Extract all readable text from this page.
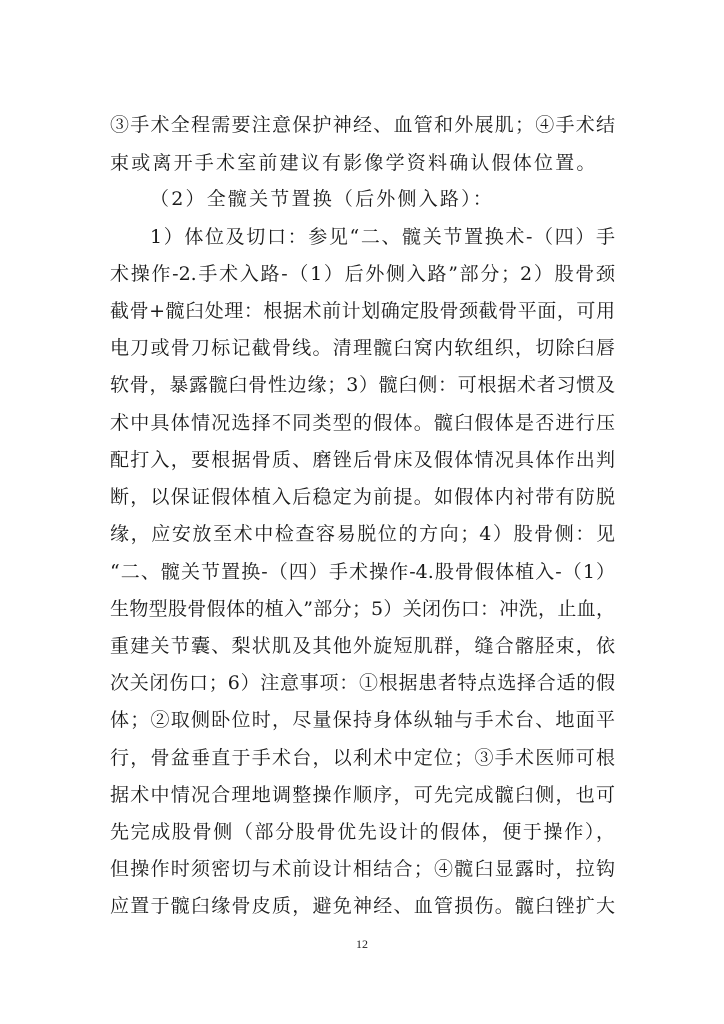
③手术全程需要注意保护神经、血管和外展肌；④手术结
束或离开手术室前建议有影像学资料确认假体位置。
（2）全髋关节置换（后外侧入路）：
1）体位及切口：参见“二、髋关节置换术-（四）手
术操作-2.手术入路-（1）后外侧入路”部分；2）股骨颈
截骨+髋臼处理：根据术前计划确定股骨颈截骨平面，可用
电刀或骨刀标记截骨线。清理髋臼窝内软组织，切除臼唇
软骨，暴露髋臼骨性边缘；3）髋臼侧：可根据术者习惯及
术中具体情况选择不同类型的假体。髋臼假体是否进行压
配打入，要根据骨质、磨锉后骨床及假体情况具体作出判
断，以保证假体植入后稳定为前提。如假体内衬带有防脱
缘，应安放至术中检查容易脱位的方向；4）股骨侧：见
“二、髋关节置换-（四）手术操作-4.股骨假体植入-（1）
生物型股骨假体的植入”部分；5）关闭伤口：冲洗，止血，
重建关节囊、梨状肌及其他外旋短肌群，缝合髂胫束，依
次关闭伤口；6）注意事项：①根据患者特点选择合适的假
体；②取侧卧位时，尽量保持身体纵轴与手术台、地面平
行，骨盆垂直于手术台，以利术中定位；③手术医师可根
据术中情况合理地调整操作顺序，可先完成髋臼侧，也可
先完成股骨侧（部分股骨优先设计的假体，便于操作），
但操作时须密切与术前设计相结合；④髋臼显露时，拉钩
应置于髋臼缘骨皮质，避免神经、血管损伤。髋臼锉扩大
12
